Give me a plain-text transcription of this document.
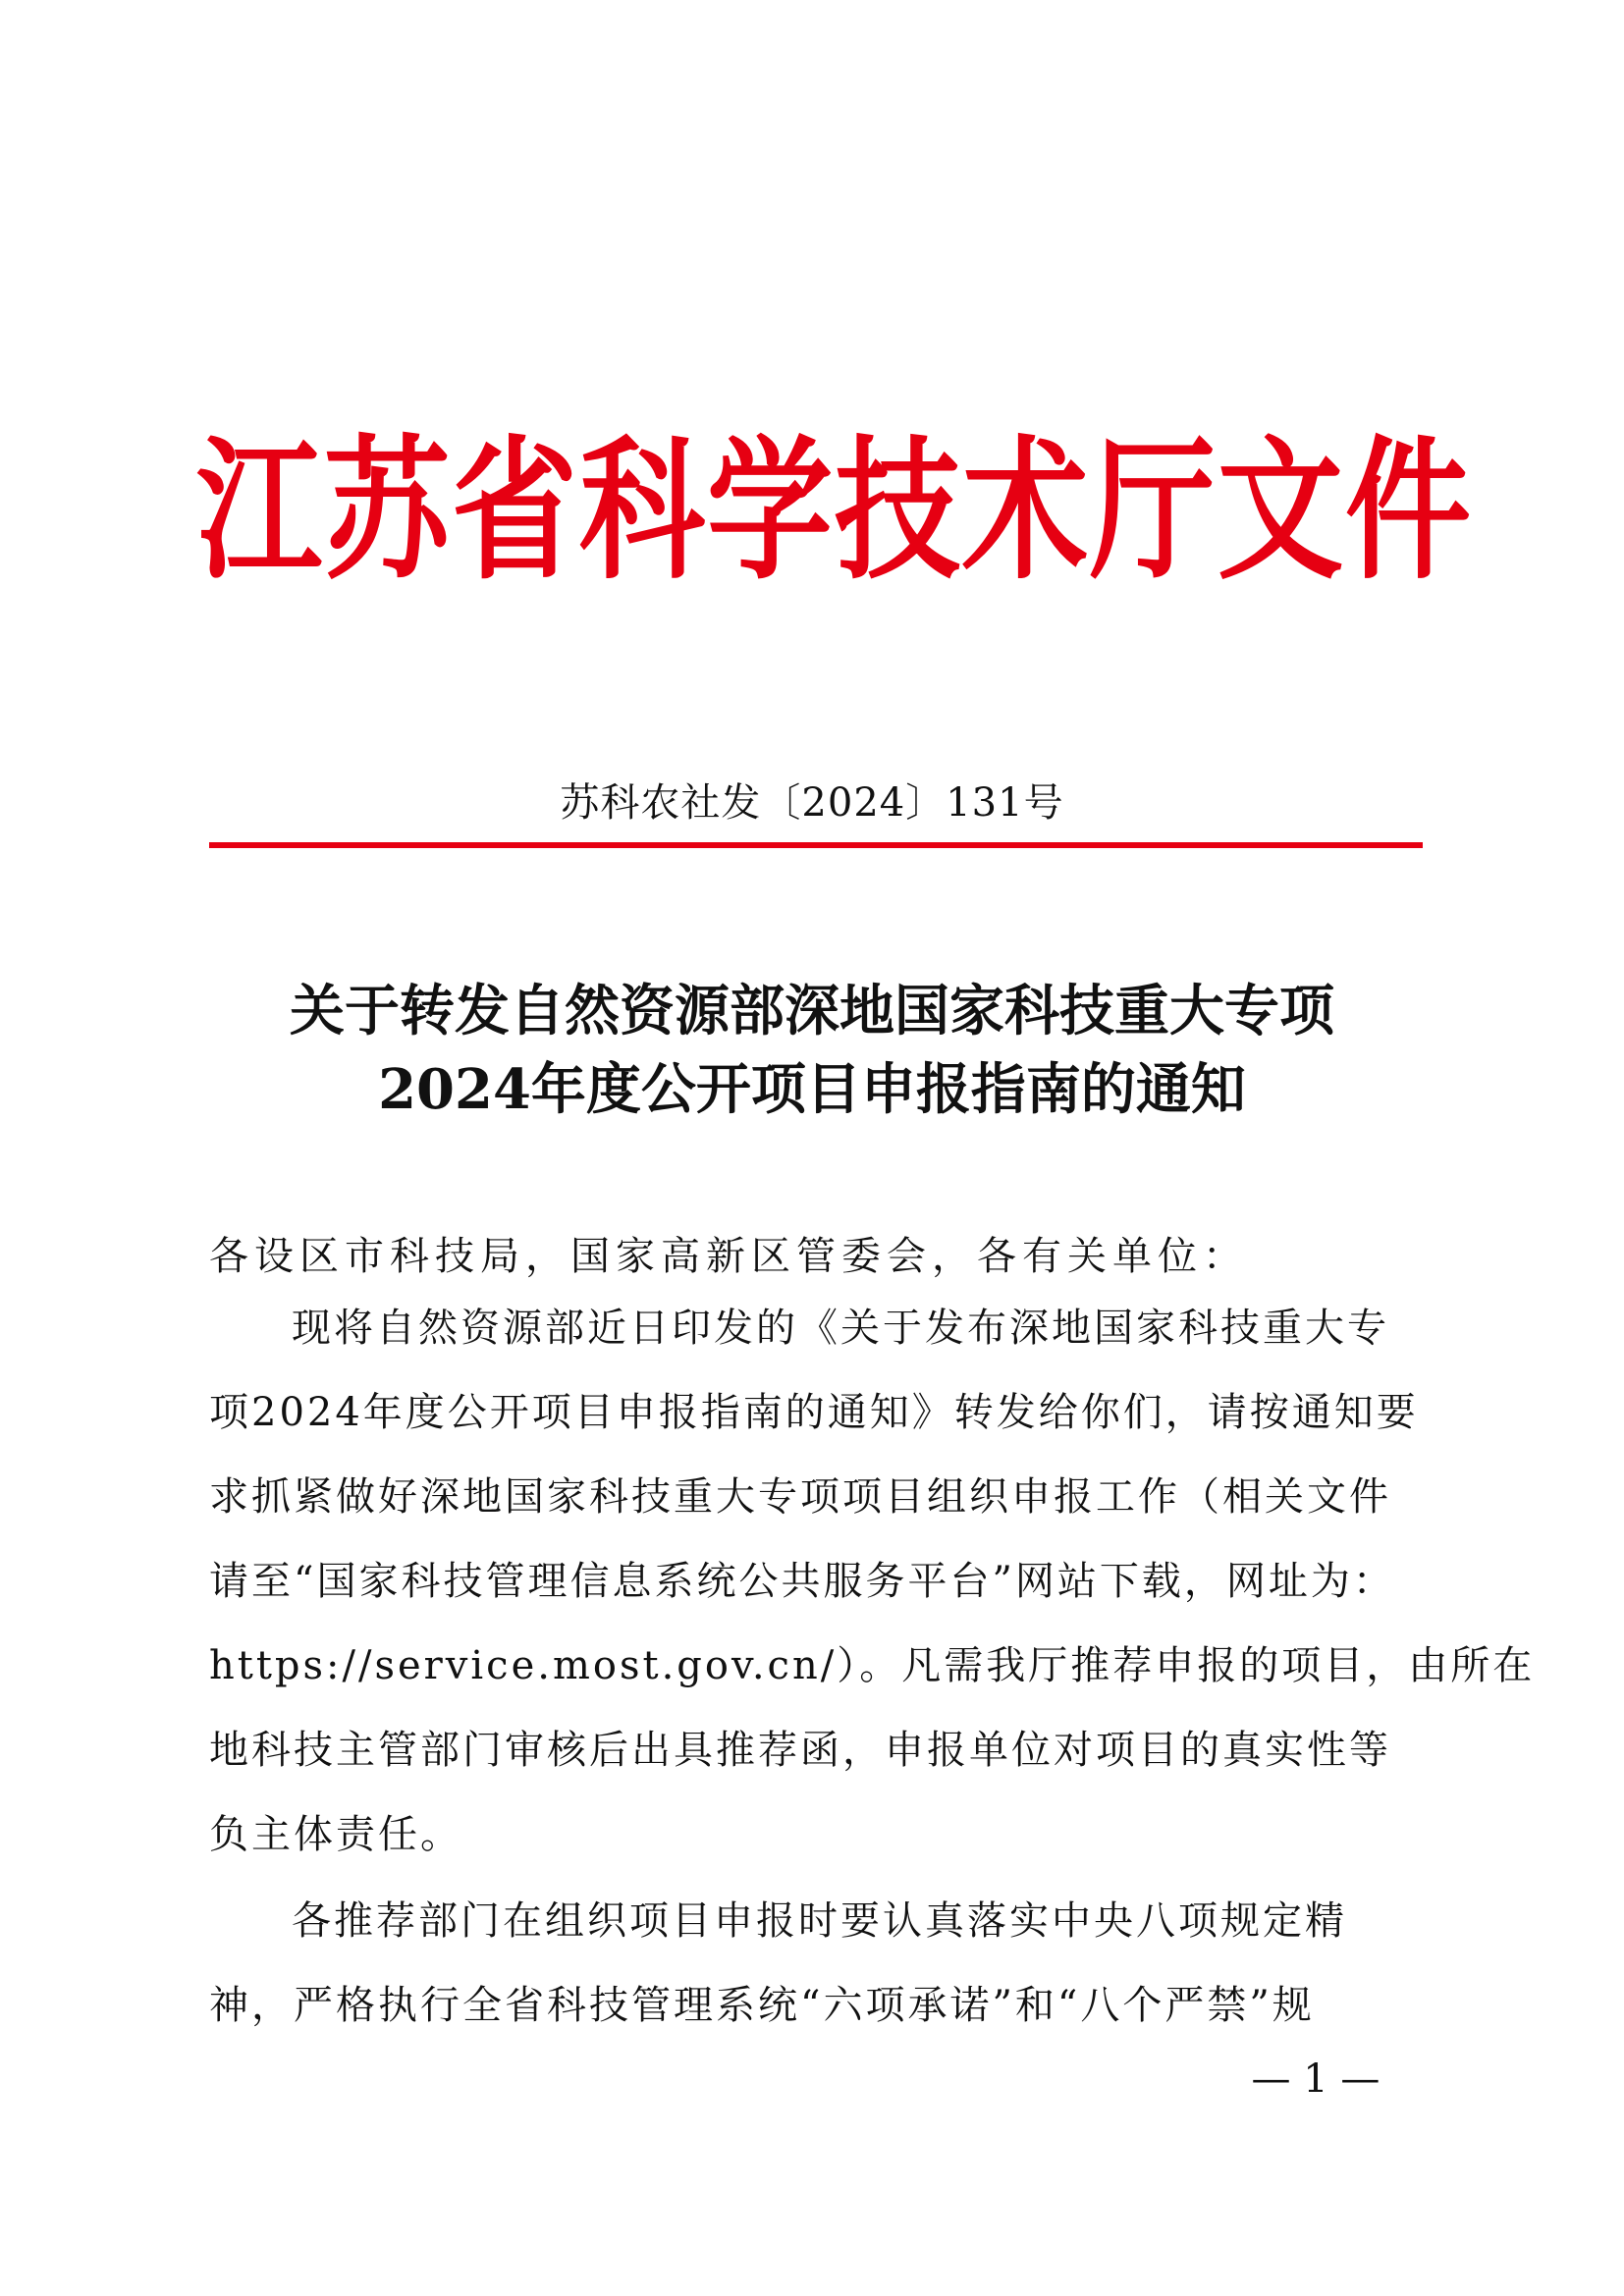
江苏省科学技术厅文件
苏科农社发〔2024〕131号
关于转发自然资源部深地国家科技重大专项
2024年度公开项目申报指南的通知
各设区市科技局，国家高新区管委会，各有关单位：
现将自然资源部近日印发的《关于发布深地国家科技重大专
项2024年度公开项目申报指南的通知》转发给你们，请按通知要
求抓紧做好深地国家科技重大专项项目组织申报工作（相关文件
请至“国家科技管理信息系统公共服务平台”网站下载，网址为：
https://service.most.gov.cn/）。凡需我厅推荐申报的项目，由所在
地科技主管部门审核后出具推荐函，申报单位对项目的真实性等
负主体责任。
各推荐部门在组织项目申报时要认真落实中央八项规定精
神，严格执行全省科技管理系统“六项承诺”和“八个严禁”规
— 1 —
